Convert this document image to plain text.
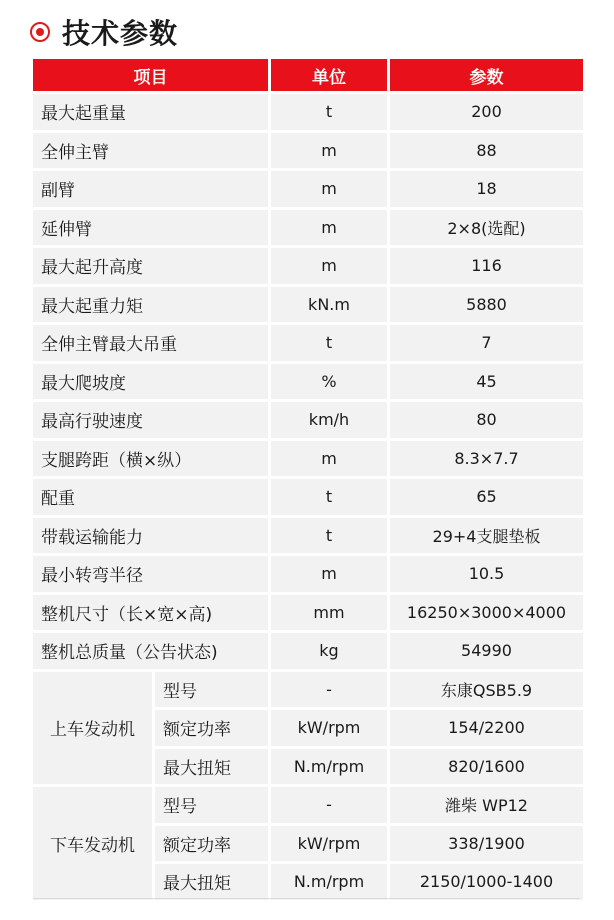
技术参数
项目		单位	参数
最大起重量		t	200
全伸主臂		m	88
副臂		m	18
延伸臂		m	2×8(选配)
最大起升高度		m	116
最大起重力矩		kN.m	5880
全伸主臂最大吊重		t	7
最大爬坡度		%	45
最高行驶速度		km/h	80
支腿跨距（横×纵）		m	8.3×7.7
配重		t	65
带载运输能力		t	29+4支腿垫板
最小转弯半径		m	10.5
整机尺寸（长×宽×高)		mm	16250×3000×4000
整机总质量（公告状态)		kg	54990
上车发动机	型号	-	东康QSB5.9
	额定功率	kW/rpm	154/2200
	最大扭矩	N.m/rpm	820/1600
下车发动机	型号	-	潍柴 WP12
	额定功率	kW/rpm	338/1900
	最大扭矩	N.m/rpm	2150/1000-1400
